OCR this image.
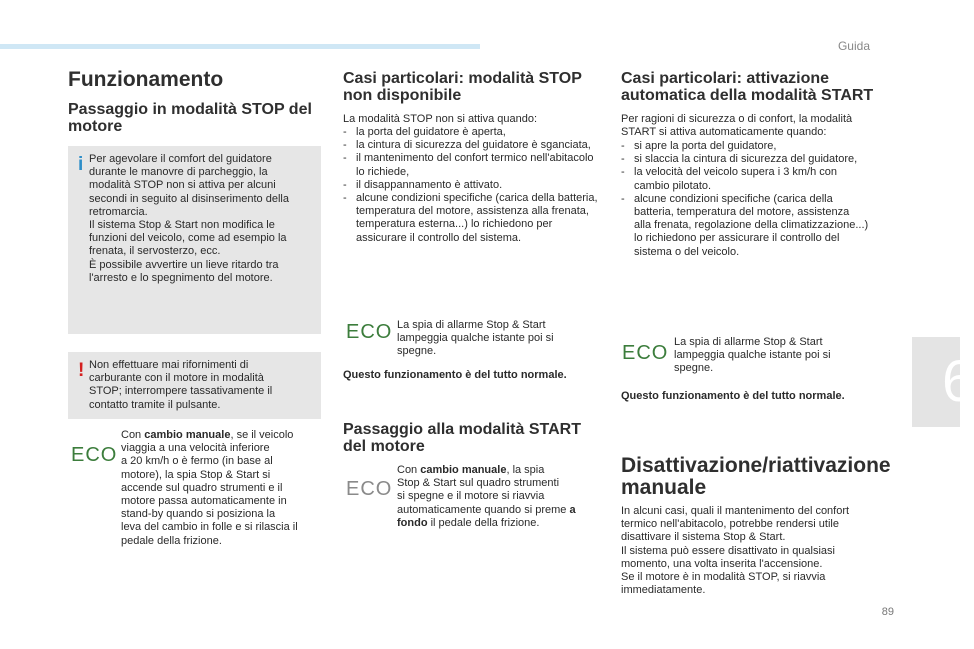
Guida
6
89
Funzionamento
Passaggio in modalità STOP del motore
i Per agevolare il comfort del guidatore

durante le manovre di parcheggio, la

modalità STOP non si attiva per alcuni

secondi in seguito al disinserimento della

retromarcia.

Il sistema Stop & Start non modifica le

funzioni del veicolo, come ad esempio la

frenata, il servosterzo, ecc.

È possibile avvertire un lieve ritardo tra

l'arresto e lo spegnimento del motore.

! Non effettuare mai rifornimenti di

carburante con il motore in modalità

STOP; interrompere tassativamente il

contatto tramite il pulsante.

ECO

Con cambio manuale, se il veicolo

viaggia a una velocità inferiore

a 20 km/h o è fermo (in base al

motore), la spia Stop & Start si

accende sul quadro strumenti e il

motore passa automaticamente in

stand-by quando si posiziona la

leva del cambio in folle e si rilascia il

pedale della frizione.

Casi particolari: modalità STOP non disponibile

La modalità STOP non si attiva quando:

- la porta del guidatore è aperta,
- la cintura di sicurezza del guidatore è sganciata,
- il mantenimento del confort termico nell'abitacolo lo richiede,
- il disappannamento è attivato.
- alcune condizioni specifiche (carica della batteria, temperatura del motore, assistenza alla frenata, temperatura esterna...) lo richiedono per assicurare il controllo del sistema.
ECO La spia di allarme Stop & Start

lampeggia qualche istante poi si

spegne.

Questo funzionamento è del tutto normale.

Passaggio alla modalità START del motore
ECO

Con cambio manuale, la spia

Stop & Start sul quadro strumenti

si spegne e il motore si riavvia

automaticamente quando si preme a

fondo il pedale della frizione.

Casi particolari: attivazione automatica della modalità START

Per ragioni di sicurezza o di confort, la modalità

START si attiva automaticamente quando:

- si apre la porta del guidatore,
- si slaccia la cintura di sicurezza del guidatore,
- la velocità del veicolo supera i 3 km/h con cambio pilotato.
- alcune condizioni specifiche (carica della batteria, temperatura del motore, assistenza alla frenata, regolazione della climatizzazione...) lo richiedono per assicurare il controllo del sistema o del veicolo.
ECO La spia di allarme Stop & Start

lampeggia qualche istante poi si

spegne.

Questo funzionamento è del tutto normale.

Disattivazione/riattivazione manuale

In alcuni casi, quali il mantenimento del confort

termico nell'abitacolo, potrebbe rendersi utile

disattivare il sistema Stop & Start.

Il sistema può essere disattivato in qualsiasi

momento, una volta inserita l'accensione.

Se il motore è in modalità STOP, si riavvia

immediatamente.
